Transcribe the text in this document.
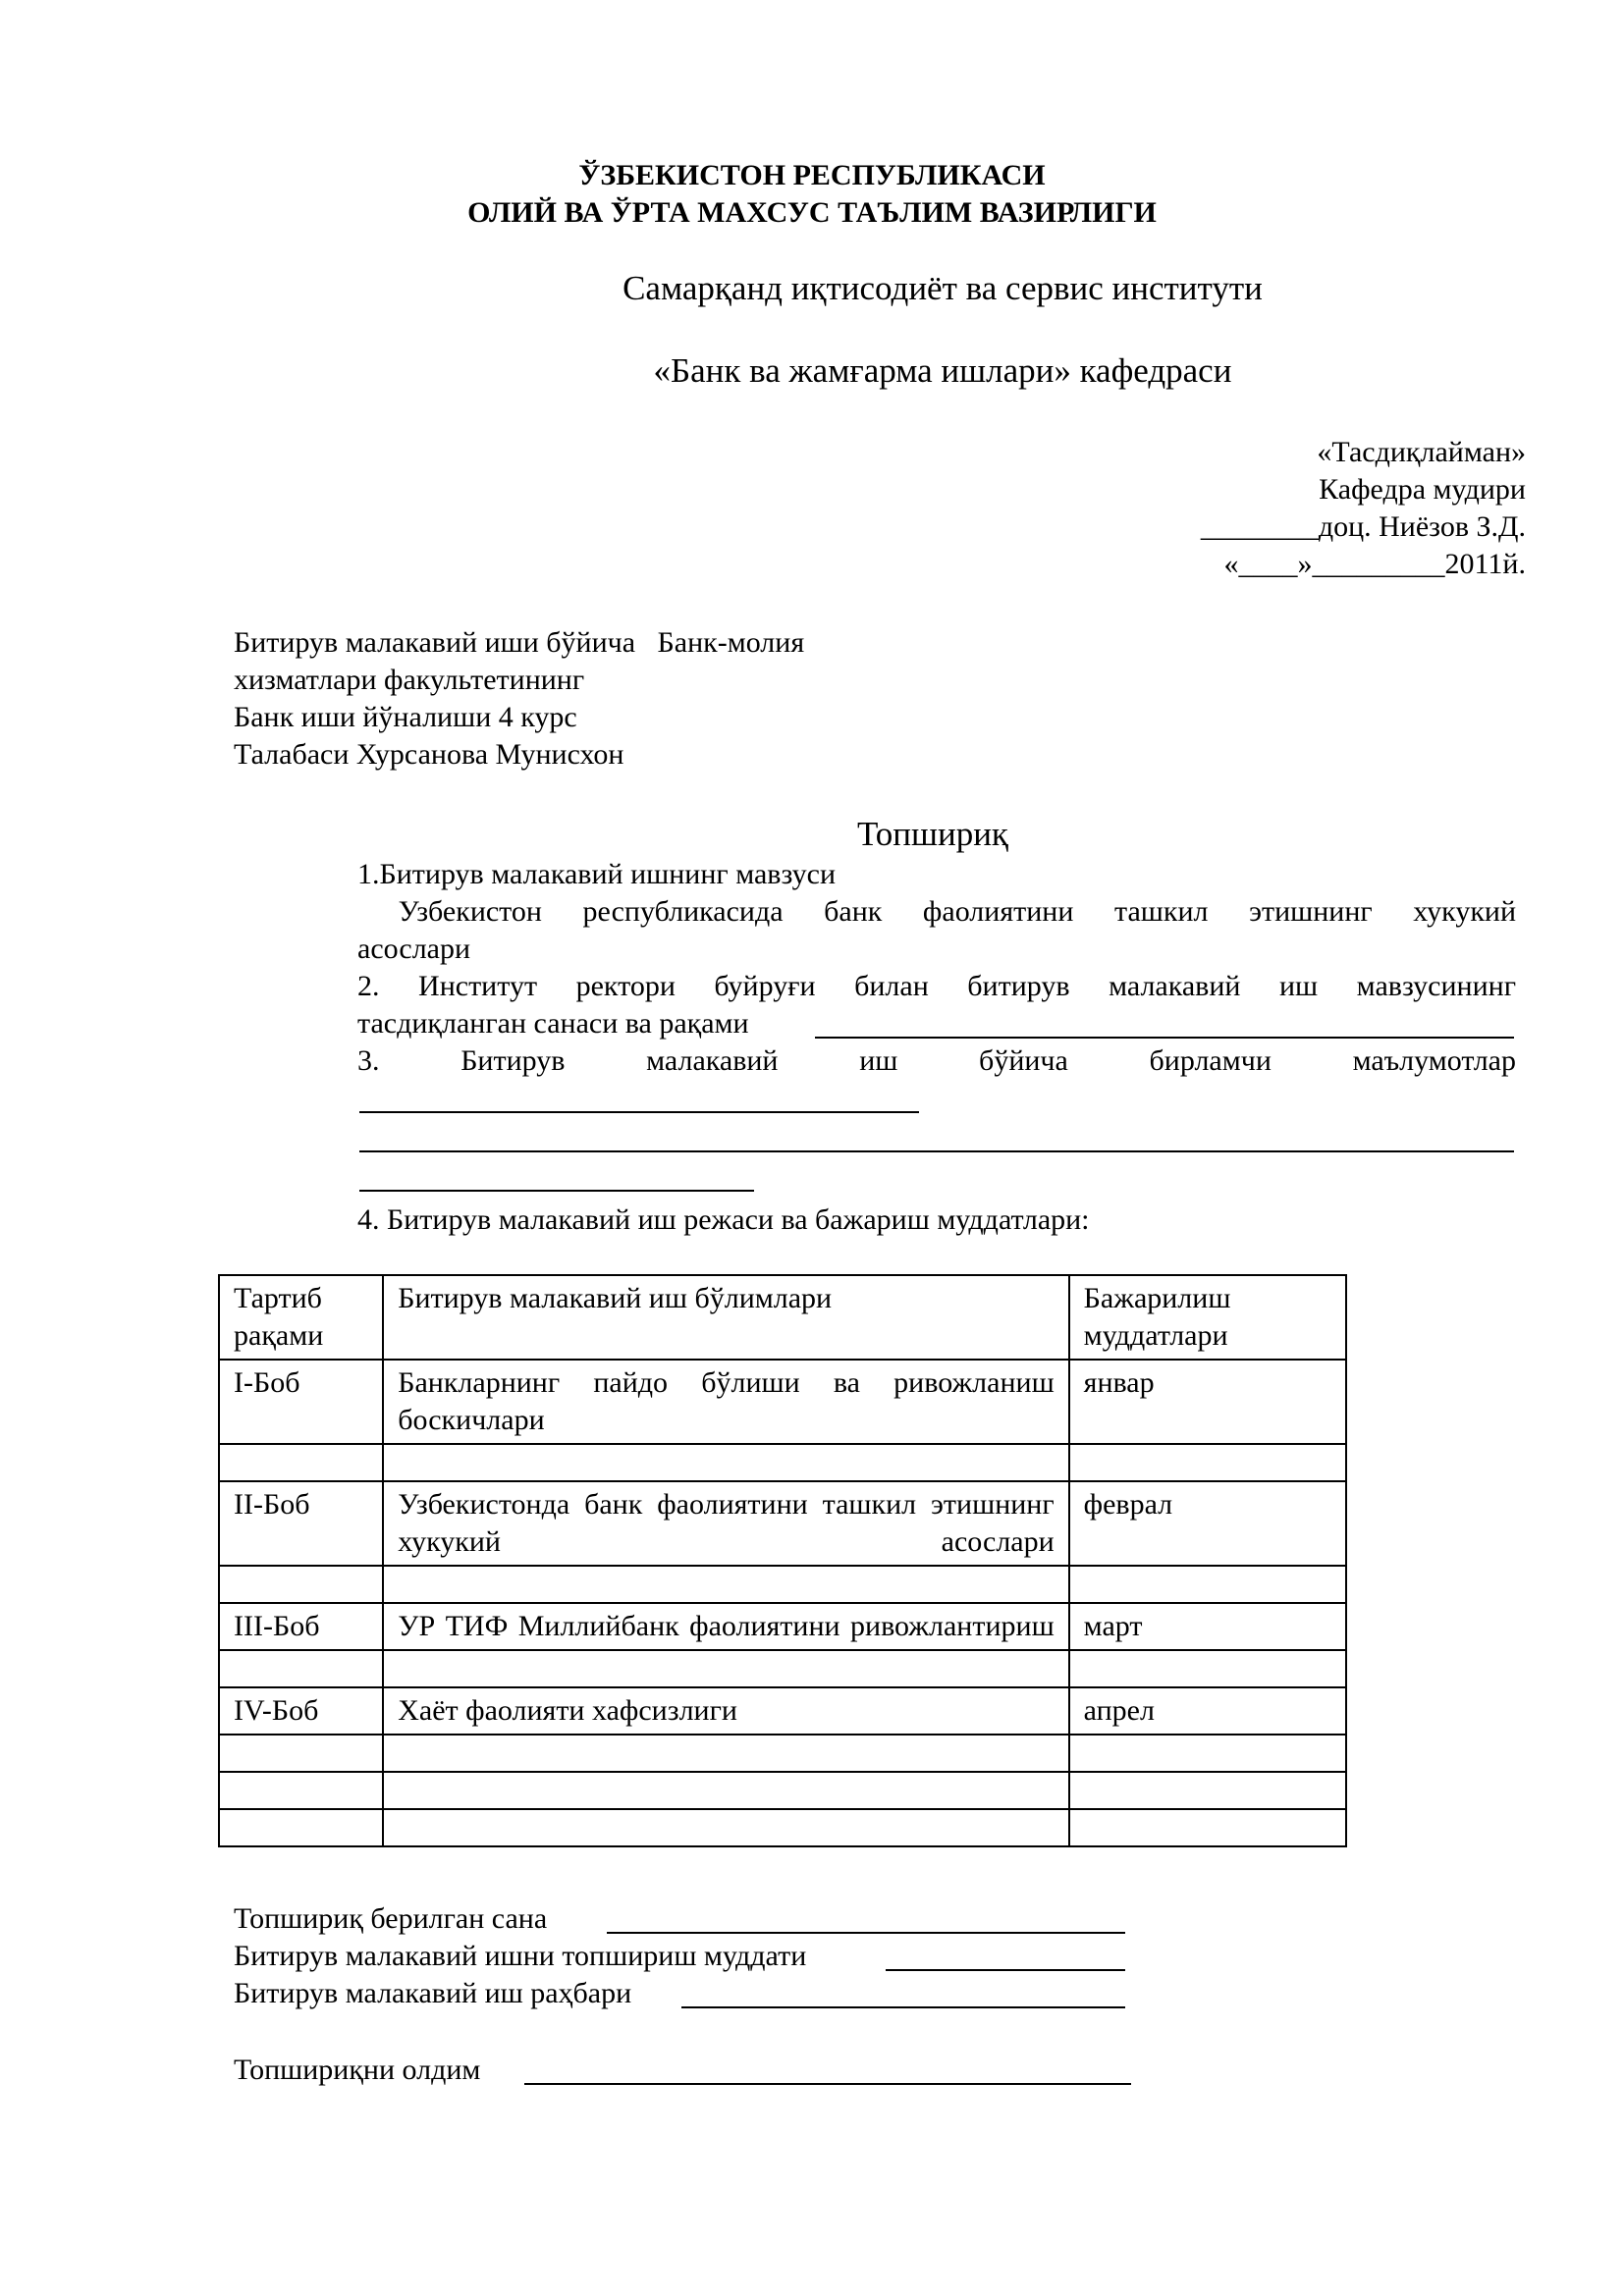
ЎЗБЕКИСТОН РЕСПУБЛИКАСИ
ОЛИЙ ВА ЎРТА МАХСУС ТАЪЛИМ ВАЗИРЛИГИ
Самарқанд иқтисодиёт ва сервис институти
«Банк ва жамғарма ишлари» кафедраси
«Тасдиқлайман»
Кафедра мудири
________доц. Ниёзов З.Д.
«____»_________2011й.
Битирув малакавий иши бўйича   Банк-молия
хизматлари факультетининг
Банк иши йўналиши 4 курс
Талабаси Хурсанова Мунисхон
Топшириқ
1.Битирув малакавий ишнинг мавзуси
Узбекистон республикасида банк фаолиятини ташкил этишнинг хукукий
асослари
2. Институт ректори буйруғи билан битирув малакавий иш мавзусининг
тасдиқланган санаси ва рақами
3. Битирув малакавий иш бўйича бирламчи маълумотлар
4. Битирув малакавий иш режаси ва бажариш муддатлари:
Тартиб рақами	Битирув малакавий иш бўлимлари	Бажарилиш муддатлари
I-Боб	Банкларнинг пайдо бўлиши ва ривожланиш боскичлари	январ

II-Боб	Узбекистонда банк фаолиятини ташкил этишнинг хукукий асослари	феврал

III-Боб	УР ТИФ Миллийбанк фаолиятини ривожлантириш	март

IV-Боб	Хаёт фаолияти хафсизлиги	апрел

Топшириқ берилган сана
Битирув малакавий ишни топшириш муддати
Битирув малакавий иш раҳбари
Топшириқни олдим
